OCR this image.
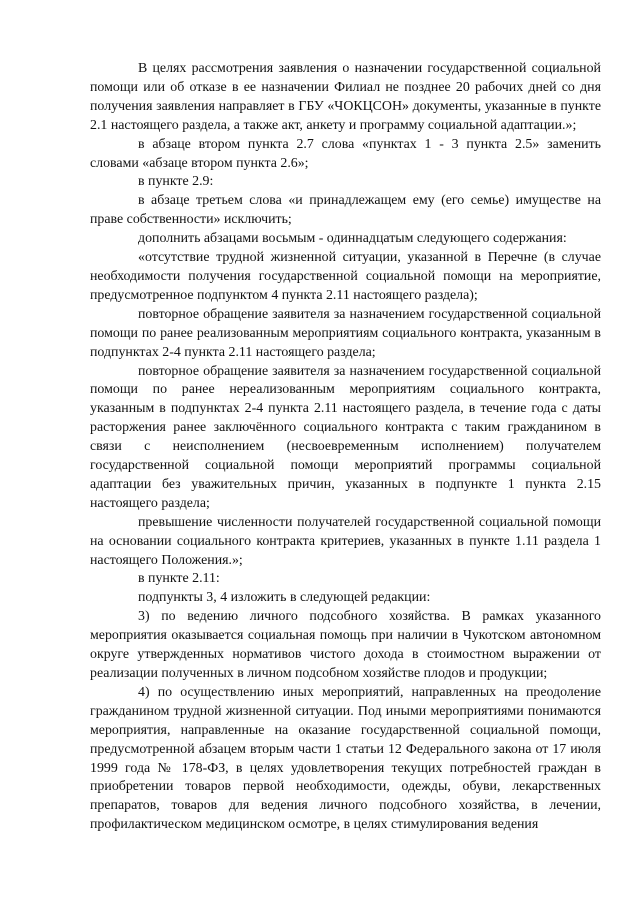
В целях рассмотрения заявления о назначении государственной социальной помощи или об отказе в ее назначении Филиал не позднее 20 рабочих дней со дня получения заявления направляет в ГБУ «ЧОКЦСОН» документы, указанные в пункте 2.1 настоящего раздела, а также акт, анкету и программу социальной адаптации.»;

в абзаце втором пункта 2.7 слова «пунктах 1 - 3 пункта 2.5» заменить словами «абзаце втором пункта 2.6»;

в пункте 2.9:

в абзаце третьем слова «и принадлежащем ему (его семье) имуществе на праве собственности» исключить;

дополнить абзацами восьмым - одиннадцатым следующего содержания:

«отсутствие трудной жизненной ситуации, указанной в Перечне (в случае необходимости получения государственной социальной помощи на мероприятие, предусмотренное подпунктом 4 пункта 2.11 настоящего раздела);

повторное обращение заявителя за назначением государственной социальной помощи по ранее реализованным мероприятиям социального контракта, указанным в подпунктах 2-4 пункта 2.11 настоящего раздела;

повторное обращение заявителя за назначением государственной социальной помощи по ранее нереализованным мероприятиям социального контракта, указанным в подпунктах 2-4 пункта 2.11 настоящего раздела, в течение года с даты расторжения ранее заключённого социального контракта с таким гражданином в связи с неисполнением (несвоевременным исполнением) получателем государственной социальной помощи мероприятий программы социальной адаптации без уважительных причин, указанных в подпункте 1 пункта 2.15 настоящего раздела;

превышение численности получателей государственной социальной помощи на основании социального контракта критериев, указанных в пункте 1.11 раздела 1 настоящего Положения.»;

в пункте 2.11:

подпункты 3, 4 изложить в следующей редакции:

3) по ведению личного подсобного хозяйства. В рамках указанного мероприятия оказывается социальная помощь при наличии в Чукотском автономном округе утвержденных нормативов чистого дохода в стоимостном выражении от реализации полученных в личном подсобном хозяйстве плодов и продукции;

4) по осуществлению иных мероприятий, направленных на преодоление гражданином трудной жизненной ситуации. Под иными мероприятиями понимаются мероприятия, направленные на оказание государственной социальной помощи, предусмотренной абзацем вторым части 1 статьи 12 Федерального закона от 17 июля 1999 года № 178-ФЗ, в целях удовлетворения текущих потребностей граждан в приобретении товаров первой необходимости, одежды, обуви, лекарственных препаратов, товаров для ведения личного подсобного хозяйства, в лечении, профилактическом медицинском осмотре, в целях стимулирования ведения
